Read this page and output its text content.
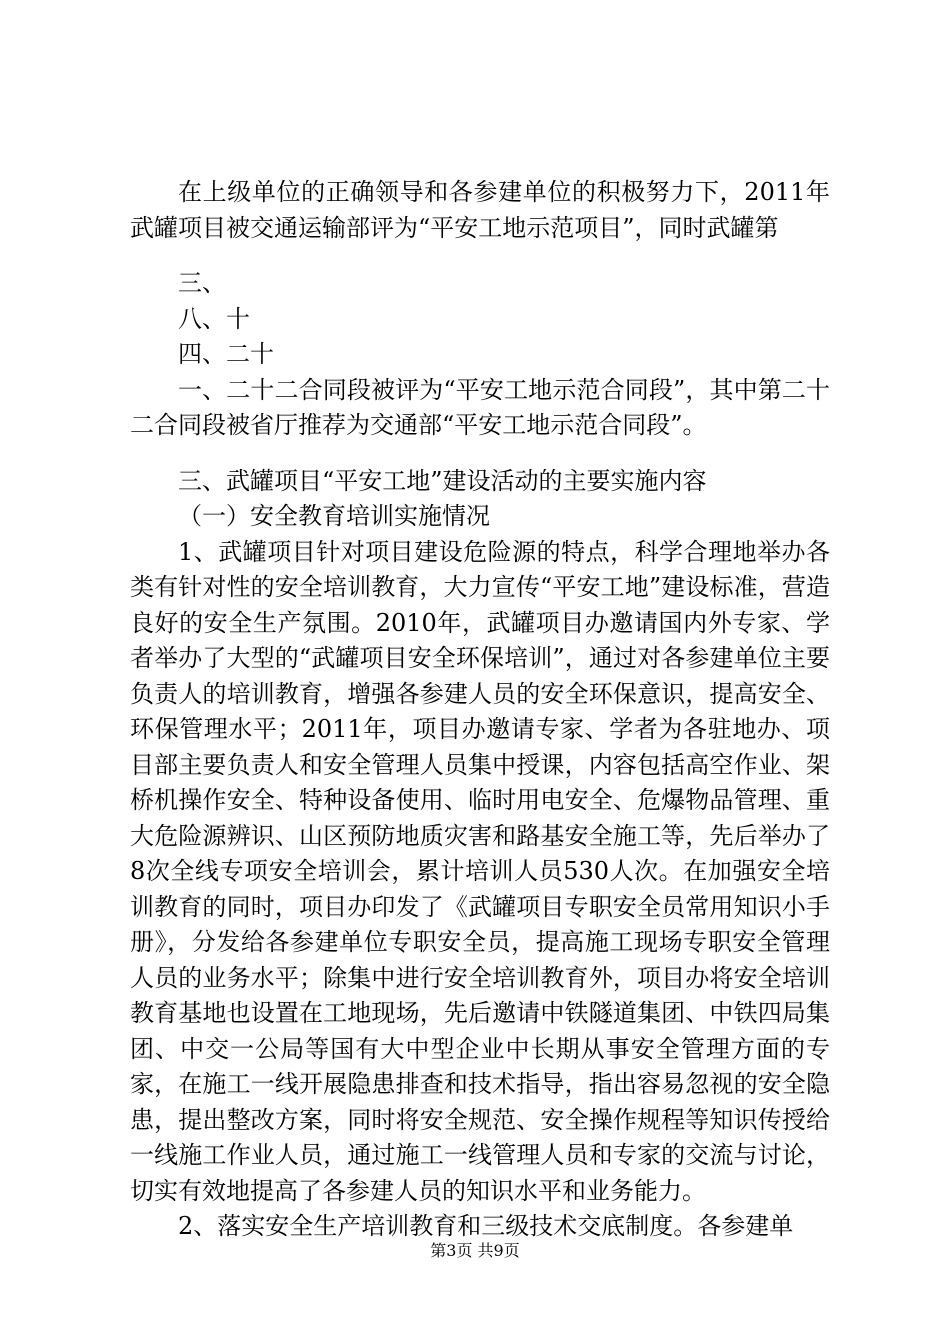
在上级单位的正确领导和各参建单位的积极努力下，2011年武罐项目被交通运输部评为“平安工地示范项目”，同时武罐第

三、

八、十

四、二十

一、二十二合同段被评为“平安工地示范合同段”，其中第二十二合同段被省厅推荐为交通部“平安工地示范合同段”。

三、武罐项目“平安工地”建设活动的主要实施内容

（一）安全教育培训实施情况

1、武罐项目针对项目建设危险源的特点，科学合理地举办各类有针对性的安全培训教育，大力宣传“平安工地”建设标准，营造良好的安全生产氛围。2010年，武罐项目办邀请国内外专家、学者举办了大型的“武罐项目安全环保培训”，通过对各参建单位主要负责人的培训教育，增强各参建人员的安全环保意识，提高安全、环保管理水平；2011年，项目办邀请专家、学者为各驻地办、项目部主要负责人和安全管理人员集中授课，内容包括高空作业、架桥机操作安全、特种设备使用、临时用电安全、危爆物品管理、重大危险源辨识、山区预防地质灾害和路基安全施工等，先后举办了8次全线专项安全培训会，累计培训人员530人次。在加强安全培训教育的同时，项目办印发了《武罐项目专职安全员常用知识小手册》，分发给各参建单位专职安全员，提高施工现场专职安全管理人员的业务水平；除集中进行安全培训教育外，项目办将安全培训教育基地也设置在工地现场，先后邀请中铁隧道集团、中铁四局集团、中交一公局等国有大中型企业中长期从事安全管理方面的专家，在施工一线开展隐患排查和技术指导，指出容易忽视的安全隐患，提出整改方案，同时将安全规范、安全操作规程等知识传授给一线施工作业人员，通过施工一线管理人员和专家的交流与讨论，切实有效地提高了各参建人员的知识水平和业务能力。

2、落实安全生产培训教育和三级技术交底制度。各参建单

第3页 共9页
